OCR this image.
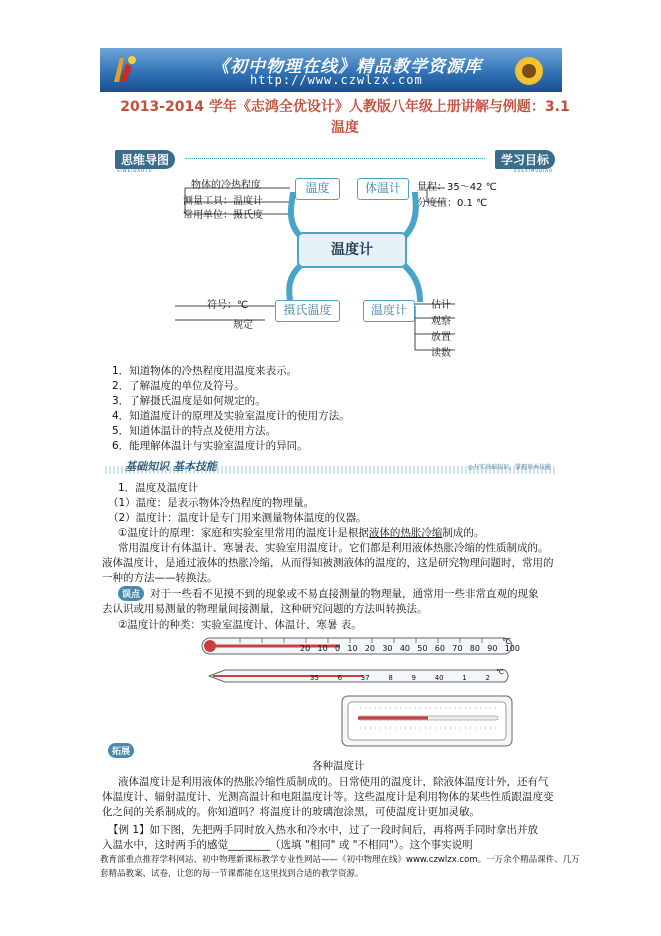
《初中物理在线》精品教学资源库
http://www.czwlzx.com
2013-2014 学年《志鸿全优设计》人教版八年级上册讲解与例题：3.1
温度
思维导图
SIWEIDAOTU
学习目标
XUEXIMUBIAO
温度	体温计
温度计
摄氏温度	温度计
物体的冷热程度
测量工具：温度计
常用单位：摄氏度
量程：35～42 ℃
分度值：0.1 ℃
符号：℃
规定
估计
观察
放置
读数
1．知道物体的冷热程度用温度来表示。
2．了解温度的单位及符号。
3．了解摄氏温度是如何规定的。
4．知道温度计的原理及实验室温度计的使用方法。
5．知道体温计的特点及使用方法。
6．能理解体温计与实验室温度计的异同。
基础知识 基本技能	◎夯实基础知识，掌握基本技能
1．温度及温度计
（1）温度：是表示物体冷热程度的物理量。
（2）温度计：温度计是专门用来测量物体温度的仪器。
①温度计的原理：家庭和实验室里常用的温度计是根据液体的热胀冷缩制成的。
常用温度计有体温计、寒暑表、实验室用温度计。它们都是利用液体热胀冷缩的性质制成的。
液体温度计，是通过液体的热胀冷缩，从而得知被测液体的温度的，这是研究物理问题时，常用的
一种的方法——转换法。
误点 对于一些看不见摸不到的现象或不易直接测量的物理量，通常用一些非常直观的现象
去认识或用易测量的物理量间接测量，这种研究问题的方法叫转换法。
②温度计的种类：实验室温度计、体温计、寒暑 表。
20 10 0 10 20 30 40 50 60 70 80 90 100
℃
35	6	37	8	9	40	1	2
℃
各种温度计
拓展
液体温度计是利用液体的热胀冷缩性质制成的。日常使用的温度计，除液体温度计外，还有气
体温度计、辐射温度计、光测高温计和电阻温度计等。这些温度计是利用物体的某些性质跟温度变
化之间的关系制成的。你知道吗？将温度计的玻璃泡涂黑，可使温度计更加灵敏。
【例 1】如下图，先把两手同时放入热水和冷水中，过了一段时间后，再将两手同时拿出并放
入温水中，这时两手的感觉________（选填 "相同" 或 "不相同"）。这个事实说明
教育部重点推荐学科网站、初中物理新课标教学专业性网站——《初中物理在线》www.czwlzx.com。一万余个精品课件、几万套精品教案、试卷，让您的每一节课都能在这里找到合适的教学资源。
